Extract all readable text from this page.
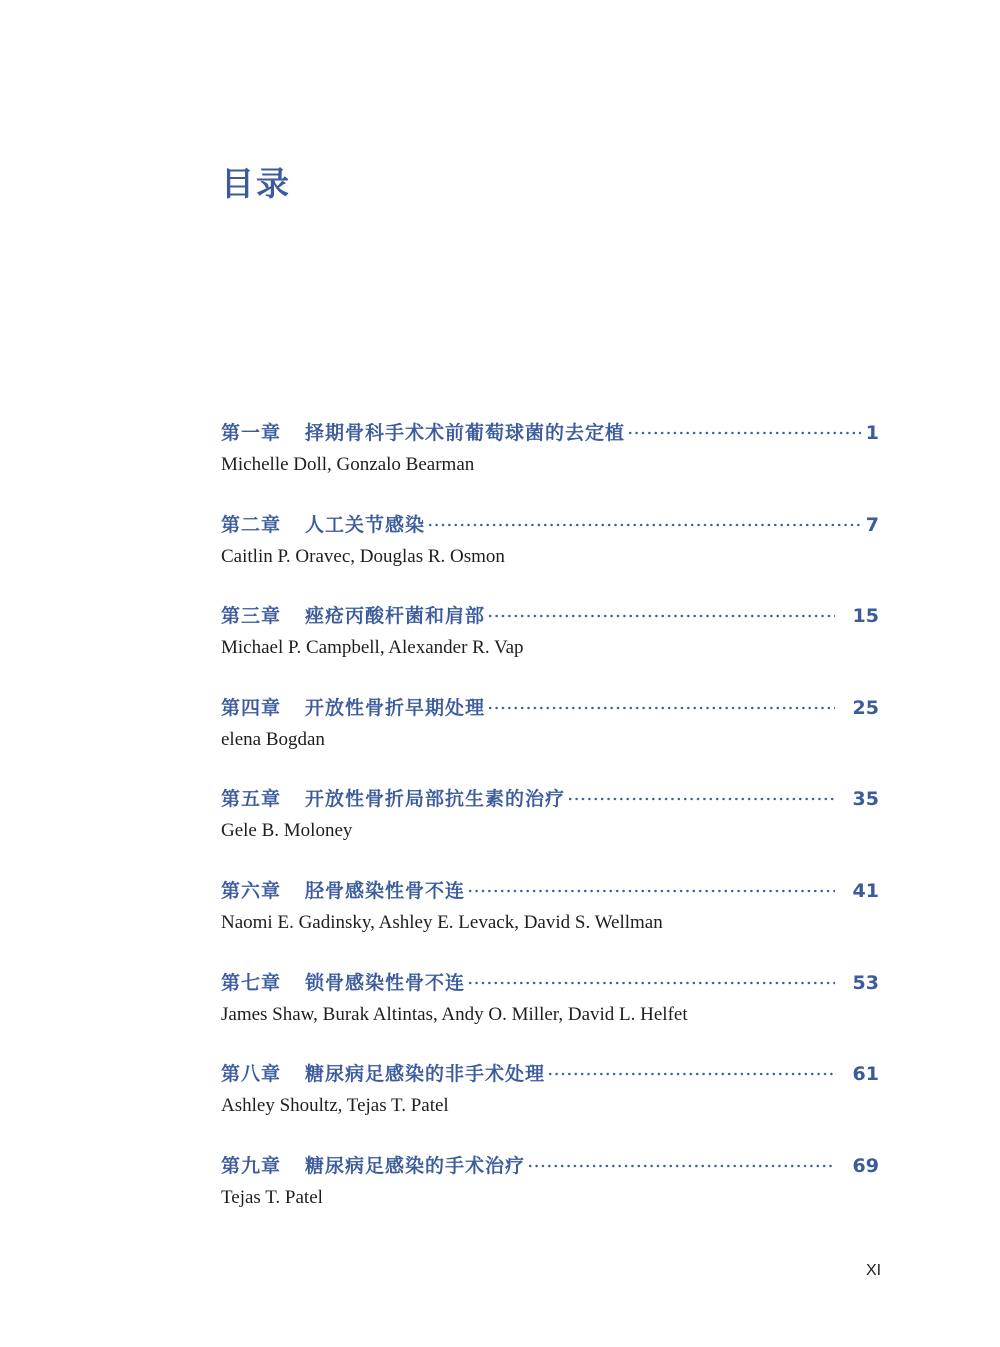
目录
第一章	择期骨科手术术前葡萄球菌的去定植	1
Michelle Doll, Gonzalo Bearman
第二章	人工关节感染	7
Caitlin P. Oravec, Douglas R. Osmon
第三章	痤疮丙酸杆菌和肩部	15
Michael P. Campbell, Alexander R. Vap
第四章	开放性骨折早期处理	25
elena Bogdan
第五章	开放性骨折局部抗生素的治疗	35
Gele B. Moloney
第六章	胫骨感染性骨不连	41
Naomi E. Gadinsky, Ashley E. Levack, David S. Wellman
第七章	锁骨感染性骨不连	53
James Shaw, Burak Altintas, Andy O. Miller, David L. Helfet
第八章	糖尿病足感染的非手术处理	61
Ashley Shoultz, Tejas T. Patel
第九章	糖尿病足感染的手术治疗	69
Tejas T. Patel
XI
